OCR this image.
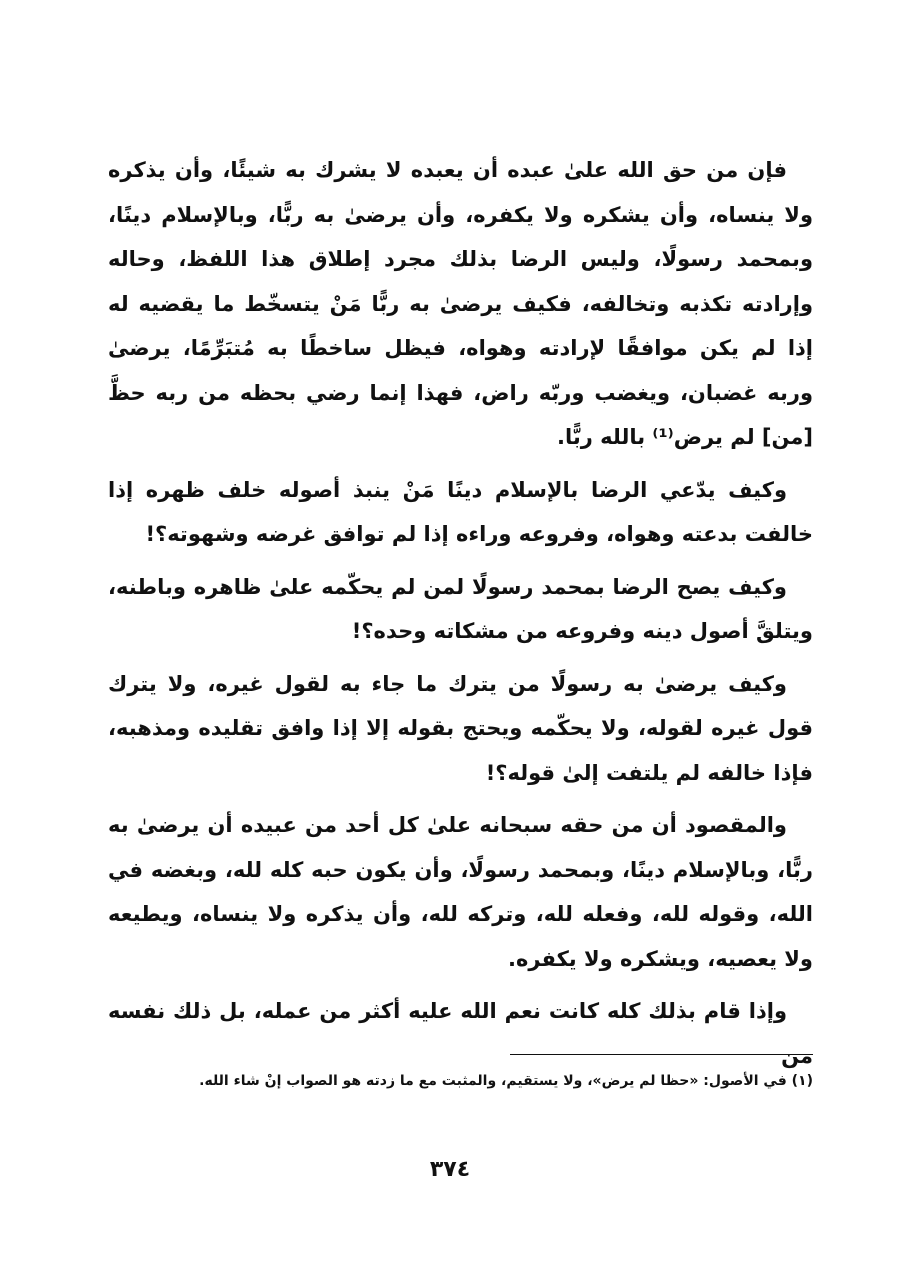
فإن من حق الله علىٰ عبده أن يعبده لا يشرك به شيئًا، وأن يذكره ولا ينساه، وأن يشكره ولا يكفره، وأن يرضىٰ به ربًّا، وبالإسلام دينًا، وبمحمد رسولًا، وليس الرضا بذلك مجرد إطلاق هذا اللفظ، وحاله وإرادته تكذبه وتخالفه، فكيف يرضىٰ به ربًّا مَنْ يتسخّط ما يقضيه له إذا لم يكن موافقًا لإرادته وهواه، فيظل ساخطًا به مُتبَرِّمًا، يرضىٰ وربه غضبان، ويغضب وربّه راض، فهذا إنما رضي بحظه من ربه حظَّ [من] لم يرض⁽¹⁾ بالله ربًّا.

وكيف يدّعي الرضا بالإسلام دينًا مَنْ ينبذ أصوله خلف ظهره إذا خالفت بدعته وهواه، وفروعه وراءه إذا لم توافق غرضه وشهوته؟!

وكيف يصح الرضا بمحمد رسولًا لمن لم يحكّمه علىٰ ظاهره وباطنه، ويتلقَّ أصول دينه وفروعه من مشكاته وحده؟!

وكيف يرضىٰ به رسولًا من يترك ما جاء به لقول غيره، ولا يترك قول غيره لقوله، ولا يحكّمه ويحتج بقوله إلا إذا وافق تقليده ومذهبه، فإذا خالفه لم يلتفت إلىٰ قوله؟!

والمقصود أن من حقه سبحانه علىٰ كل أحد من عبيده أن يرضىٰ به ربًّا، وبالإسلام دينًا، وبمحمد رسولًا، وأن يكون حبه كله لله، وبغضه في الله، وقوله لله، وفعله لله، وتركه لله، وأن يذكره ولا ينساه، ويطيعه ولا يعصيه، ويشكره ولا يكفره.

وإذا قام بذلك كله كانت نعم الله عليه أكثر من عمله، بل ذلك نفسه من

(١) في الأصول: «حظا لم يرض»، ولا يستقيم، والمثبت مع ما زدته هو الصواب إنْ شاء الله.
٣٧٤
